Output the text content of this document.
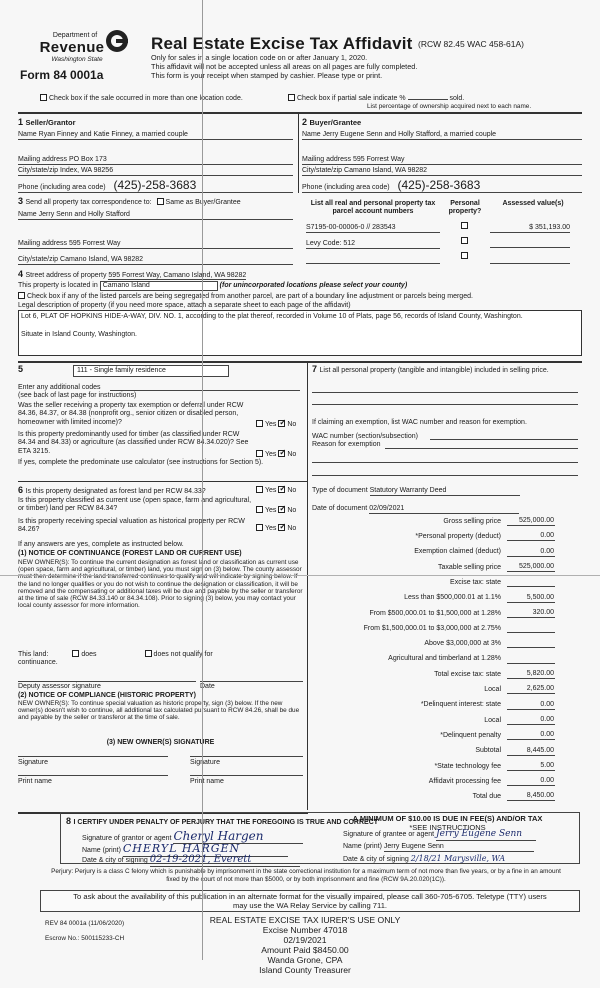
Department of
Revenue
Washington State
Form 84 0001a
Real Estate Excise Tax Affidavit (RCW 82.45 WAC 458-61A)
Only for sales in a single location code on or after January 1, 2020.
This affidavit will not be accepted unless all areas on all pages are fully completed.
This form is your receipt when stamped by cashier. Please type or print.
Check box if the sale occurred in more than one location code.	Check box if partial sale indicate %	sold.
List percentage of ownership acquired next to each name.
1 Seller/Grantor
Name Ryan Finney and Katie Finney, a married couple
Mailing address PO Box 173
City/state/zip Index, WA 98256
Phone (including area code) (425)-258-3683
2 Buyer/Grantee
Name Jerry Eugene Senn and Holly Stafford, a married couple
Mailing address 595 Forrest Way
City/state/zip Camano Island, WA 98282
Phone (including area code) (425)-258-3683
3 Send all property tax correspondence to: Same as Buyer/Grantee
Name Jerry Senn and Holly Stafford
Mailing address 595 Forrest Way
City/state/zip Camano Island, WA 98282
List all real and personal property tax parcel account numbers
Personal property?
Assessed value(s)
S7195-00-00006-0 // 283543	$ 351,193.00
Levy Code: 512
4 Street address of property 595 Forrest Way, Camano Island, WA 98282
This property is located in Camano Island	(for unincorporated locations please select your county)
Check box if any of the listed parcels are being segregated from another parcel, are part of a boundary line adjustment or parcels being merged.
Legal description of property (if you need more space, attach a separate sheet to each page of the affidavit)
Lot 6, PLAT OF HOPKINS HIDE-A-WAY, DIV. NO. 1, according to the plat thereof, recorded in Volume 10 of Plats, page 56, records of Island County, Washington.
Situate in Island County, Washington.
5	111 - Single family residence
Enter any additional codes
(see back of last page for instructions)
Was the seller receiving a property tax exemption or deferral under RCW 84.36, 84.37, or 84.38 (nonprofit org., senior citizen or disabled person, homeowner with limited income)?	Yes ✓ No
Is this property predominantly used for timber (as classified under RCW 84.34 and 84.33) or agriculture (as classified under RCW 84.34.020)? See ETA 3215.	Yes ✓ No
If yes, complete the predominate use calculator (see instructions for Section 5).
6 Is this property designated as forest land per RCW 84.33?	Yes ✓ No
Is this property classified as current use (open space, farm and agricultural, or timber) land per RCW 84.34?	Yes ✓ No
Is this property receiving special valuation as historical property per RCW 84.26?	Yes ✓ No
If any answers are yes, complete as instructed below.
(1) NOTICE OF CONTINUANCE (FOREST LAND OR CURRENT USE)
NEW OWNER(S): To continue the current designation as forest land or classification as current use (open space, farm and agricultural, or timber) land, you must sign on (3) below. The county assessor must then determine if the land transferred continues to qualify and will indicate by signing below. If the land no longer qualifies or you do not wish to continue the designation or classification, it will be removed and the compensating or additional taxes will be due and payable by the seller or transferor at the time of sale (RCW 84.33.140 or 84.34.108). Prior to signing (3) below, you may contact your local county assessor for more information.
This land:	does	does not qualify for
continuance.
Deputy assessor signature	Date
(2) NOTICE OF COMPLIANCE (HISTORIC PROPERTY)
NEW OWNER(S): To continue special valuation as historic property, sign (3) below. If the new owner(s) doesn't wish to continue, all additional tax calculated pursuant to RCW 84.26, shall be due and payable by the seller or transferor at the time of sale.
(3) NEW OWNER(S) SIGNATURE
Signature	Signature
Print name	Print name
7 List all personal property (tangible and intangible) included in selling price.
If claiming an exemption, list WAC number and reason for exemption.
WAC number (section/subsection)
Reason for exemption
Type of document Statutory Warranty Deed
Date of document 02/09/2021
Gross selling price	525,000.00
*Personal property (deduct)	0.00
Exemption claimed (deduct)	0.00
Taxable selling price	525,000.00
Excise tax: state
Less than $500,000.01 at 1.1%	5,500.00
From $500,000.01 to $1,500,000 at 1.28%	320.00
From $1,500,000.01 to $3,000,000 at 2.75%
Above $3,000,000 at 3%
Agricultural and timberland at 1.28%
Total excise tax: state	5,820.00
Local	2,625.00
*Delinquent interest: state	0.00
Local	0.00
*Delinquent penalty	0.00
Subtotal	8,445.00
*State technology fee	5.00
Affidavit processing fee	0.00
Total due	8,450.00
A MINIMUM OF $10.00 IS DUE IN FEE(S) AND/OR TAX
*SEE INSTRUCTIONS
8 I CERTIFY UNDER PENALTY OF PERJURY THAT THE FOREGOING IS TRUE AND CORRECT
Signature of grantor or agent Cheryl Hargen
Name (print) CHERYL HARGEN
Date & city of signing 02-19-2021, Everett
Signature of grantee or agent Jerry Eugene Senn
Name (print) Jerry Eugene Senn
Date & city of signing 2/18/21 Marysville, WA
Perjury: Perjury is a class C felony which is punishable by imprisonment in the state correctional institution for a maximum term of not more than five years, or by a fine in an amount fixed by the court of not more than $5000, or by both imprisonment and fine (RCW 9A.20.020(1C)).
To ask about the availability of this publication in an alternate format for the visually impaired, please call 360-705-6705. Teletype (TTY) users may use the WA Relay Service by calling 711.
REV 84 0001a (11/06/2020)
Escrow No.: 500115233-CH
REAL ESTATE EXCISE TAX IURER'S USE ONLY
Excise Number 47018
02/19/2021
Amount Paid $8450.00
Wanda Grone, CPA
Island County Treasurer
